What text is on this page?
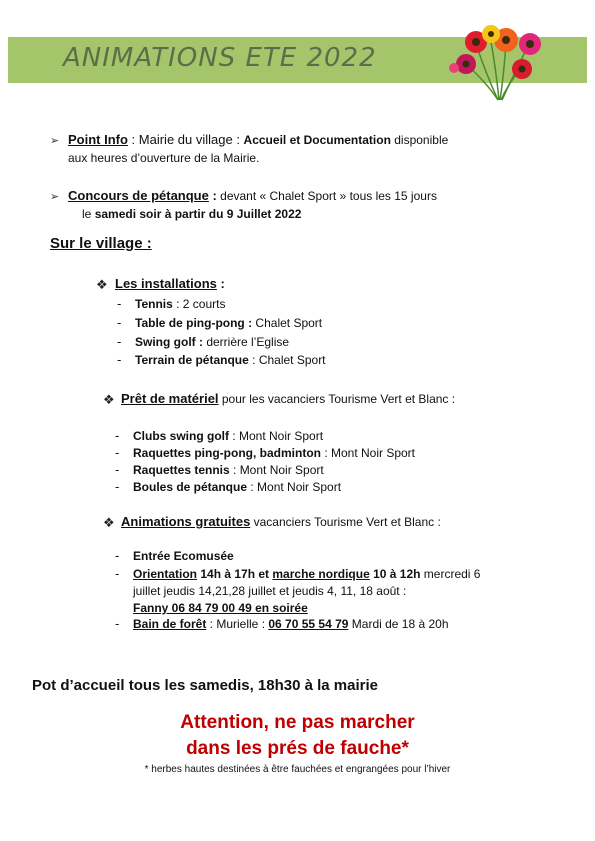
ANIMATIONS ETE 2022
➢ Point Info : Mairie du village : Accueil et Documentation disponible
aux heures d’ouverture de la Mairie.
➢ Concours de pétanque : devant « Chalet Sport » tous les 15 jours
le samedi soir à partir du 9 Juillet 2022
Sur le village :
❖ Les installations :
- Tennis : 2 courts
- Table de ping-pong : Chalet Sport
- Swing golf : derrière l’Eglise
- Terrain de pétanque : Chalet Sport
❖ Prêt de matériel pour les vacanciers Tourisme Vert et Blanc :
- Clubs swing golf : Mont Noir Sport
- Raquettes ping-pong, badminton : Mont Noir Sport
- Raquettes tennis : Mont Noir Sport
- Boules de pétanque : Mont Noir Sport
❖ Animations gratuites vacanciers Tourisme Vert et Blanc :
- Entrée Ecomusée
- Orientation 14h à 17h et marche nordique 10 à 12h mercredi 6
juillet jeudis 14,21,28 juillet et jeudis 4, 11, 18 août :
Fanny 06 84 79 00 49 en soirée
- Bain de forêt : Murielle : 06 70 55 54 79 Mardi de 18 à 20h
Pot d’accueil tous les samedis, 18h30 à la mairie
Attention, ne pas marcher
dans les prés de fauche*
* herbes hautes destinées à être fauchées et engrangées pour l’hiver
